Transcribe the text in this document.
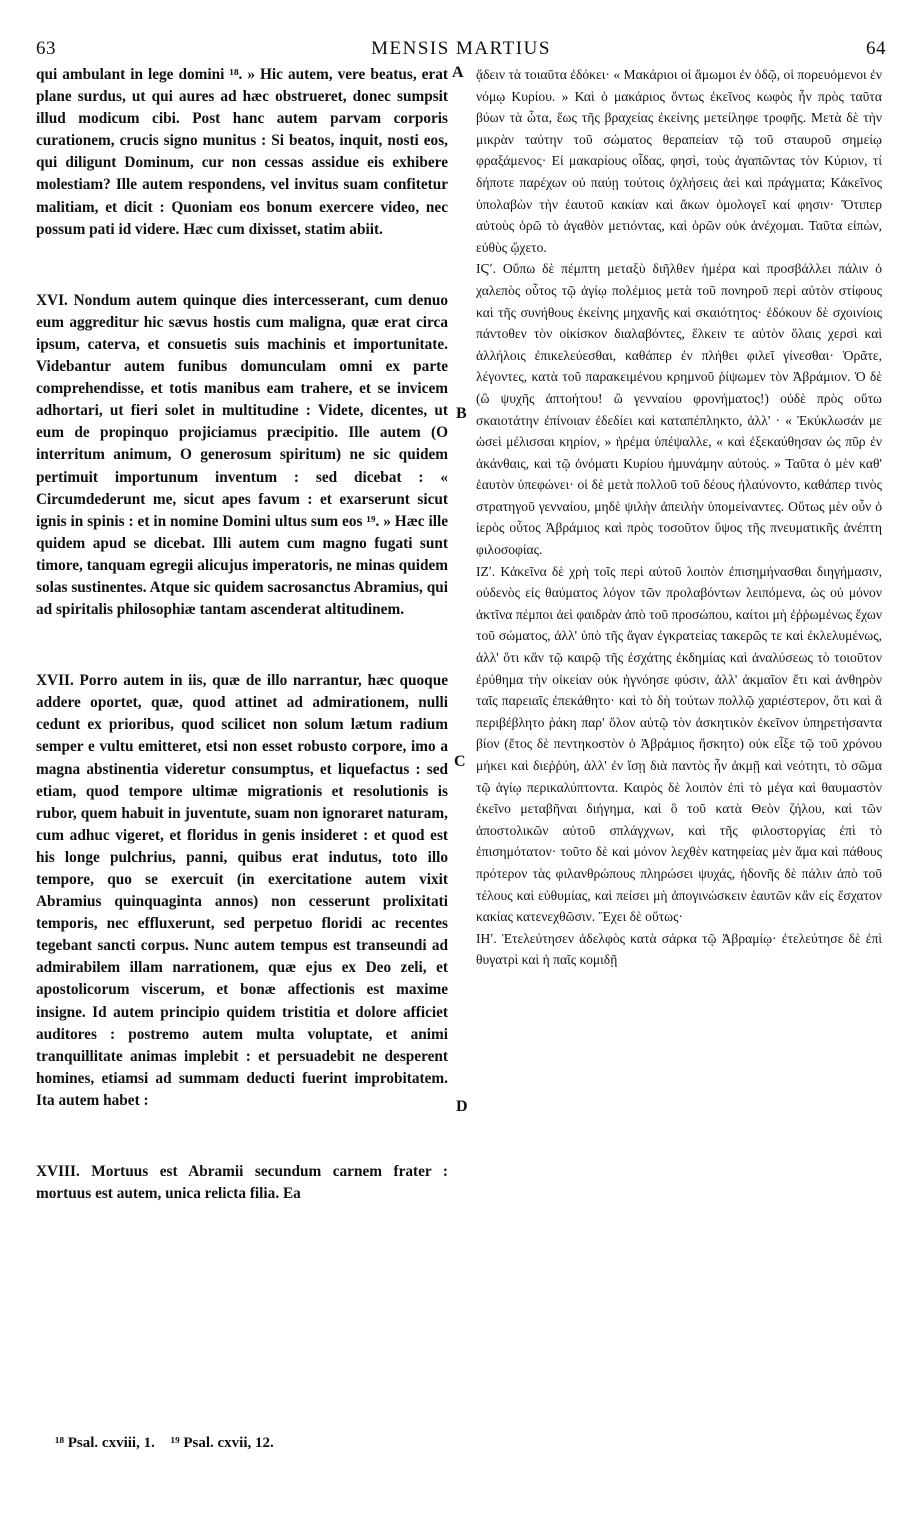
63	MENSIS MARTIUS	64

qui ambulant in lege domini ¹⁸. » Hic autem, vere beatus, erat plane surdus, ut qui aures ad hæc obstrueret, donec sumpsit illud modicum cibi. Post hanc autem parvam corporis curationem, crucis signo munitus : Si beatos, inquit, nosti eos, qui diligunt Dominum, cur non cessas assidue eis exhibere molestiam? Ille autem respondens, vel invitus suam confitetur malitiam, et dicit : Quoniam eos bonum exercere video, nec possum pati id videre. Hæc cum dixisset, statim abiit.

XVI. Nondum autem quinque dies intercesserant, cum denuo eum aggreditur hic sævus hostis cum maligna, quæ erat circa ipsum, caterva, et consuetis suis machinis et importunitate. Videbantur autem funibus domunculam omni ex parte comprehendisse, et totis manibus eam trahere, et se invicem adhortari, ut fieri solet in multitudine : Videte, dicentes, ut eum de propinquo projiciamus præcipitio. Ille autem (O interritum animum, O generosum spiritum) ne sic quidem pertimuit importunum inventum : sed dicebat : « Circumdederunt me, sicut apes favum : et exarserunt sicut ignis in spinis : et in nomine Domini ultus sum eos ¹⁹. » Hæc ille quidem apud se dicebat. Illi autem cum magno fugati sunt timore, tanquam egregii alicujus imperatoris, ne minas quidem solas sustinentes. Atque sic quidem sacrosanctus Abramius, qui ad spiritalis philosophiæ tantam ascenderat altitudinem.

XVII. Porro autem in iis, quæ de illo narrantur, hæc quoque addere oportet, quæ, quod attinet ad admirationem, nulli cedunt ex prioribus, quod scilicet non solum lætum radium semper e vultu emitteret, etsi non esset robusto corpore, imo a magna abstinentia videretur consumptus, et liquefactus : sed etiam, quod tempore ultimæ migrationis et resolutionis is rubor, quem habuit in juventute, suam non ignoraret naturam, cum adhuc vigeret, et floridus in genis insideret : et quod est his longe pulchrius, panni, quibus erat indutus, toto illo tempore, quo se exercuit (in exercitatione autem vixit Abramius quinquaginta annos) non cesserunt prolixitati temporis, nec effluxerunt, sed perpetuo floridi ac recentes tegebant sancti corpus. Nunc autem tempus est transeundi ad admirabilem illam narrationem, quæ ejus ex Deo zeli, et apostolicorum viscerum, et bonæ affectionis est maxime insigne. Id autem principio quidem tristitia et dolore afficiet auditores : postremo autem multa voluptate, et animi tranquillitate animas implebit : et persuadebit ne desperent homines, etiamsi ad summam deducti fuerint improbitatem. Ita autem habet :

XVIII. Mortuus est Abramii secundum carnem frater : mortuus est autem, unica relicta filia. Ea

ᾄδειν τὰ τοιαῦτα ἐδόκει· « Μακάριοι οἱ ἄμωμοι ἐν ὁδῷ, οἱ πορευόμενοι ἐν νόμῳ Κυρίου. » Καὶ ὁ μακάριος ὄντως ἐκεῖνος κωφὸς ἦν πρὸς ταῦτα βύων τὰ ὦτα, ἕως τῆς βραχείας ἐκείνης μετείληφε τροφῆς. Μετὰ δὲ τὴν μικρὰν ταύτην τοῦ σώματος θεραπείαν τῷ τοῦ σταυροῦ σημείῳ φραξάμενος· Εἰ μακαρίους οἶδας, φησὶ, τοὺς ἀγαπῶντας τὸν Κύριον, τί δήποτε παρέχων οὐ παύῃ τούτοις ὀχλήσεις ἀεὶ καὶ πράγματα; Κἀκεῖνος ὑπολαβὼν τὴν ἑαυτοῦ κακίαν καὶ ἄκων ὁμολογεῖ καί φησιν· Ὅτιπερ αὐτοὺς ὁρῶ τὸ ἀγαθὸν μετιόντας, καὶ ὁρῶν οὐκ ἀνέχομαι. Ταῦτα εἰπὼν, εὐθὺς ᾤχετο.

ΙϚʹ. Οὔπω δὲ πέμπτη μεταξὺ διῆλθεν ἡμέρα καὶ προσβάλλει πάλιν ὁ χαλεπὸς οὗτος τῷ ἁγίῳ πολέμιος μετὰ τοῦ πονηροῦ περὶ αὐτὸν στίφους καὶ τῆς συνήθους ἐκείνης μηχανῆς καὶ σκαιότητος· ἐδόκουν δὲ σχοινίοις πάντοθεν τὸν οἰκίσκον διαλαβόντες, ἕλκειν τε αὐτὸν ὅλαις χερσὶ καὶ ἀλλήλοις ἐπικελεύεσθαι, καθάπερ ἐν πλήθει φιλεῖ γίνεσθαι· Ὁρᾶτε, λέγοντες, κατὰ τοῦ παρακειμένου κρημνοῦ ῥίψωμεν τὸν Ἀβράμιον. Ὁ δὲ (ὢ ψυχῆς ἀπτοήτου! ὢ γενναίου φρονήματος!) οὐδὲ πρὸς οὕτω σκαιοτάτην ἐπίνοιαν ἐδεδίει καὶ καταπέπληκτο, ἀλλ' · « Ἐκύκλωσάν με ὡσεὶ μέλισσαι κηρίον, » ἠρέμα ὑπέψαλλε, « καὶ ἐξεκαύθησαν ὡς πῦρ ἐν ἀκάνθαις, καὶ τῷ ὀνόματι Κυρίου ἠμυνάμην αὐτούς. » Ταῦτα ὁ μὲν καθ' ἑαυτὸν ὑπεφώνει· οἱ δὲ μετὰ πολλοῦ τοῦ δέους ἠλαύνοντο, καθάπερ τινὸς στρατηγοῦ γενναίου, μηδὲ ψιλὴν ἀπειλὴν ὑπομείναντες. Οὕτως μὲν οὖν ὁ ἱερὸς οὗτος Ἀβράμιος καὶ πρὸς τοσοῦτον ὕψος τῆς πνευματικῆς ἀνέπτη φιλοσοφίας.

ΙΖʹ. Κἀκεῖνα δὲ χρὴ τοῖς περὶ αὐτοῦ λοιπὸν ἐπισημήνασθαι διηγήμασιν, οὐδενὸς εἰς θαύματος λόγον τῶν προλαβόντων λειπόμενα, ὡς οὐ μόνον ἀκτῖνα πέμποι ἀεὶ φαιδρὰν ἀπὸ τοῦ προσώπου, καίτοι μὴ ἐῤῥωμένως ἔχων τοῦ σώματος, ἀλλ' ὑπὸ τῆς ἄγαν ἐγκρατείας τακερῶς τε καὶ ἐκλελυμένως, ἀλλ' ὅτι κἂν τῷ καιρῷ τῆς ἐσχάτης ἐκδημίας καὶ ἀναλύσεως τὸ τοιοῦτον ἐρύθημα τὴν οἰκείαν οὐκ ἠγνόησε φύσιν, ἀλλ' ἀκμαῖον ἔτι καὶ ἀνθηρὸν ταῖς παρειαῖς ἐπεκάθητο· καὶ τὸ δὴ τούτων πολλῷ χαριέστερον, ὅτι καὶ ἃ περιβέβλητο ῥάκη παρ' ὅλον αὐτῷ τὸν ἀσκητικὸν ἐκεῖνον ὑπηρετήσαντα βίον (ἔτος δὲ πεντηκοστὸν ὁ Ἀβράμιος ἤσκητο) οὐκ εἶξε τῷ τοῦ χρόνου μήκει καὶ διεῤῥύη, ἀλλ' ἐν ἴσῃ διὰ παντὸς ἦν ἀκμῇ καὶ νεότητι, τὸ σῶμα τῷ ἁγίῳ περικαλύπτοντα. Καιρὸς δὲ λοιπὸν ἐπὶ τὸ μέγα καὶ θαυμαστὸν ἐκεῖνο μεταβῆναι διήγημα, καὶ ὃ τοῦ κατὰ Θεὸν ζήλου, καὶ τῶν ἀποστολικῶν αὐτοῦ σπλάγχνων, καὶ τῆς φιλοστοργίας ἐπὶ τὸ ἐπισημότατον· τοῦτο δὲ καὶ μόνον λεχθὲν κατηφείας μὲν ἅμα καὶ πάθους πρότερον τὰς φιλανθρώπους πληρώσει ψυχάς, ἡδονῆς δὲ πάλιν ἀπὸ τοῦ τέλους καὶ εὐθυμίας, καὶ πείσει μὴ ἀπογινώσκειν ἑαυτῶν κἂν εἰς ἔσχατον κακίας κατενεχθῶσιν. Ἔχει δὲ οὕτως·

ΙΗʹ. Ἐτελεύτησεν ἀδελφὸς κατὰ σάρκα τῷ Ἀβραμίῳ· ἐτελεύτησε δὲ ἐπὶ θυγατρὶ καὶ ἡ παῖς κομιδῇ

A
B
C
D
¹⁸ Psal. cxviii, 1. ¹⁹ Psal. cxvii, 12.
